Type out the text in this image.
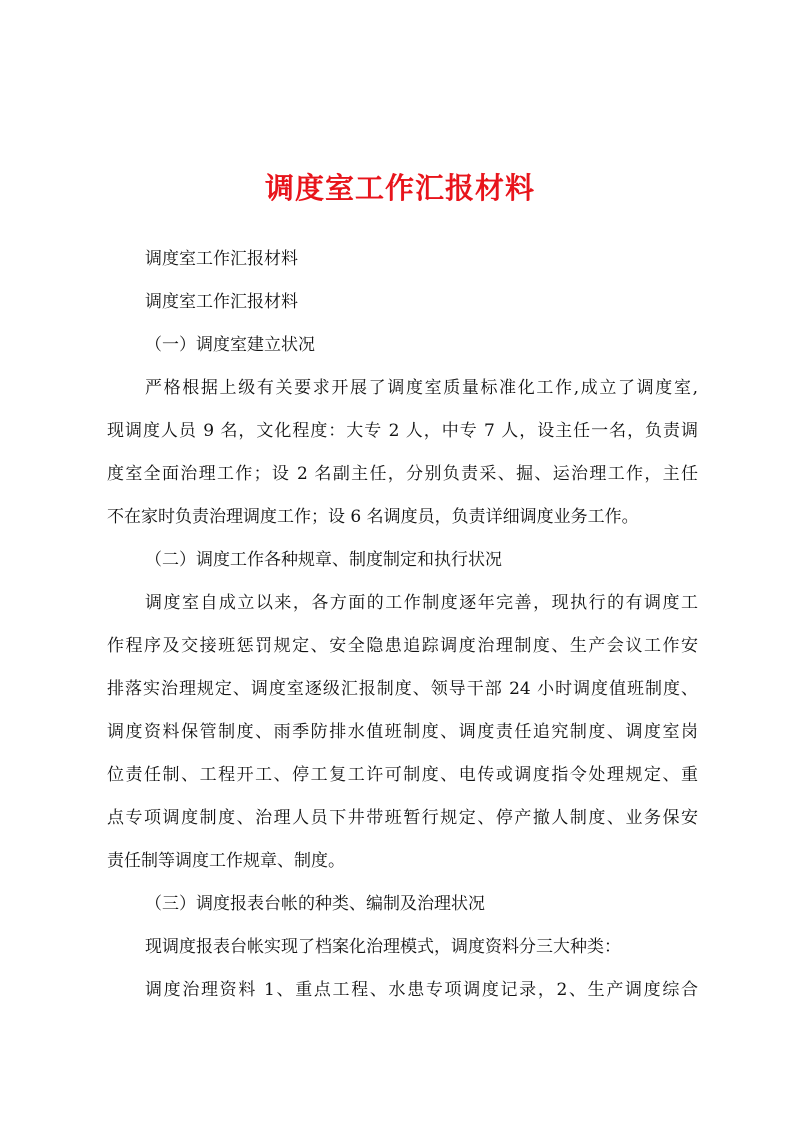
调度室工作汇报材料

调度室工作汇报材料

调度室工作汇报材料

（一）调度室建立状况

严格根据上级有关要求开展了调度室质量标准化工作,成立了调度室,

现调度人员 9 名，文化程度：大专 2 人，中专 7 人，设主任一名，负责调

度室全面治理工作；设 2 名副主任，分别负责采、掘、运治理工作，主任

不在家时负责治理调度工作；设 6 名调度员，负责详细调度业务工作。

（二）调度工作各种规章、制度制定和执行状况

调度室自成立以来，各方面的工作制度逐年完善，现执行的有调度工

作程序及交接班惩罚规定、安全隐患追踪调度治理制度、生产会议工作安

排落实治理规定、调度室逐级汇报制度、领导干部 24 小时调度值班制度、

调度资料保管制度、雨季防排水值班制度、调度责任追究制度、调度室岗

位责任制、工程开工、停工复工许可制度、电传或调度指令处理规定、重

点专项调度制度、治理人员下井带班暂行规定、停产撤人制度、业务保安

责任制等调度工作规章、制度。

（三）调度报表台帐的种类、编制及治理状况

现调度报表台帐实现了档案化治理模式，调度资料分三大种类：

调度治理资料 1、重点工程、水患专项调度记录，2、生产调度综合
